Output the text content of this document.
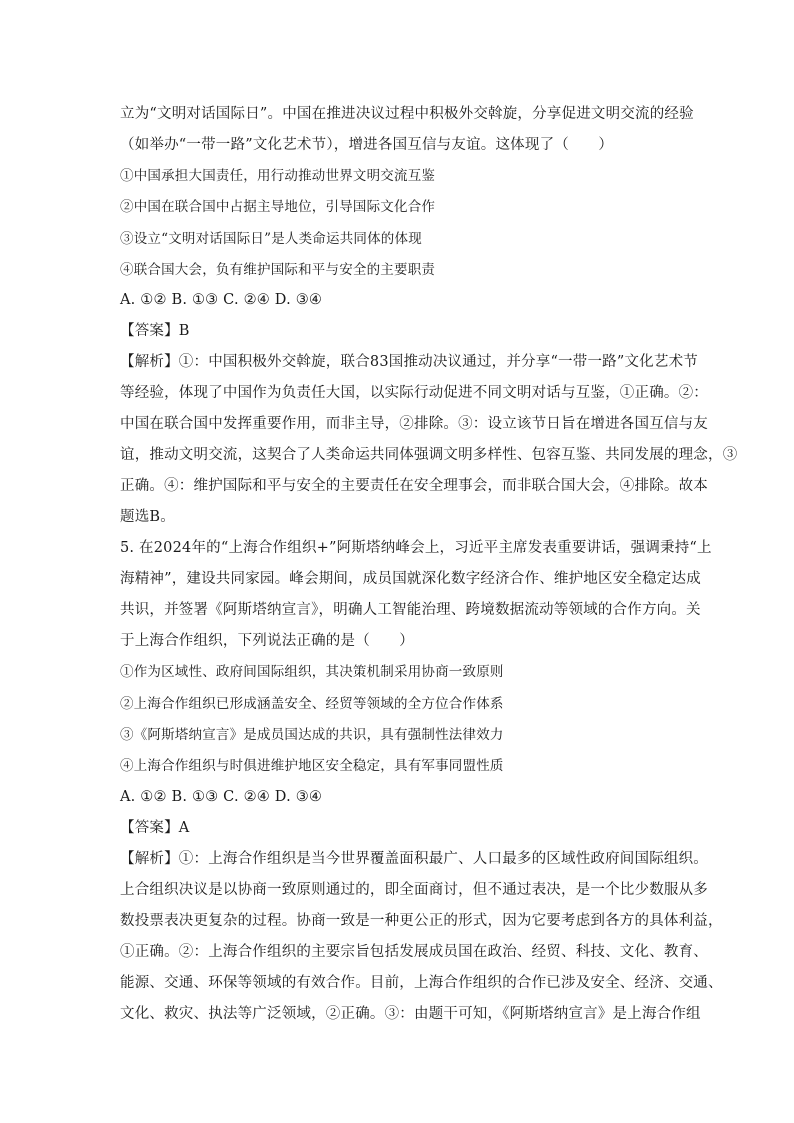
立为“文明对话国际日”。中国在推进决议过程中积极外交斡旋，分享促进文明交流的经验
（如举办“一带一路”文化艺术节），增进各国互信与友谊。这体现了（　　）
①中国承担大国责任，用行动推动世界文明交流互鉴
②中国在联合国中占据主导地位，引导国际文化合作
③设立“文明对话国际日”是人类命运共同体的体现
④联合国大会，负有维护国际和平与安全的主要职责
A. ①② B. ①③ C. ②④ D. ③④
【答案】B
【解析】①：中国积极外交斡旋，联合83国推动决议通过，并分享“一带一路”文化艺术节
等经验，体现了中国作为负责任大国，以实际行动促进不同文明对话与互鉴，①正确。②：
中国在联合国中发挥重要作用，而非主导，②排除。③：设立该节日旨在增进各国互信与友
谊，推动文明交流，这契合了人类命运共同体强调文明多样性、包容互鉴、共同发展的理念，③
正确。④：维护国际和平与安全的主要责任在安全理事会，而非联合国大会，④排除。故本
题选B。
5. 在2024年的“上海合作组织+”阿斯塔纳峰会上，习近平主席发表重要讲话，强调秉持“上
海精神”，建设共同家园。峰会期间，成员国就深化数字经济合作、维护地区安全稳定达成
共识，并签署《阿斯塔纳宣言》，明确人工智能治理、跨境数据流动等领域的合作方向。关
于上海合作组织，下列说法正确的是（　　）
①作为区域性、政府间国际组织，其决策机制采用协商一致原则
②上海合作组织已形成涵盖安全、经贸等领域的全方位合作体系
③《阿斯塔纳宣言》是成员国达成的共识，具有强制性法律效力
④上海合作组织与时俱进维护地区安全稳定，具有军事同盟性质
A. ①② B. ①③ C. ②④ D. ③④
【答案】A
【解析】①：上海合作组织是当今世界覆盖面积最广、人口最多的区域性政府间国际组织。
上合组织决议是以协商一致原则通过的，即全面商讨，但不通过表决，是一个比少数服从多
数投票表决更复杂的过程。协商一致是一种更公正的形式，因为它要考虑到各方的具体利益，
①正确。②：上海合作组织的主要宗旨包括发展成员国在政治、经贸、科技、文化、教育、
能源、交通、环保等领域的有效合作。目前，上海合作组织的合作已涉及安全、经济、交通、
文化、救灾、执法等广泛领域，②正确。③：由题干可知，《阿斯塔纳宣言》是上海合作组
